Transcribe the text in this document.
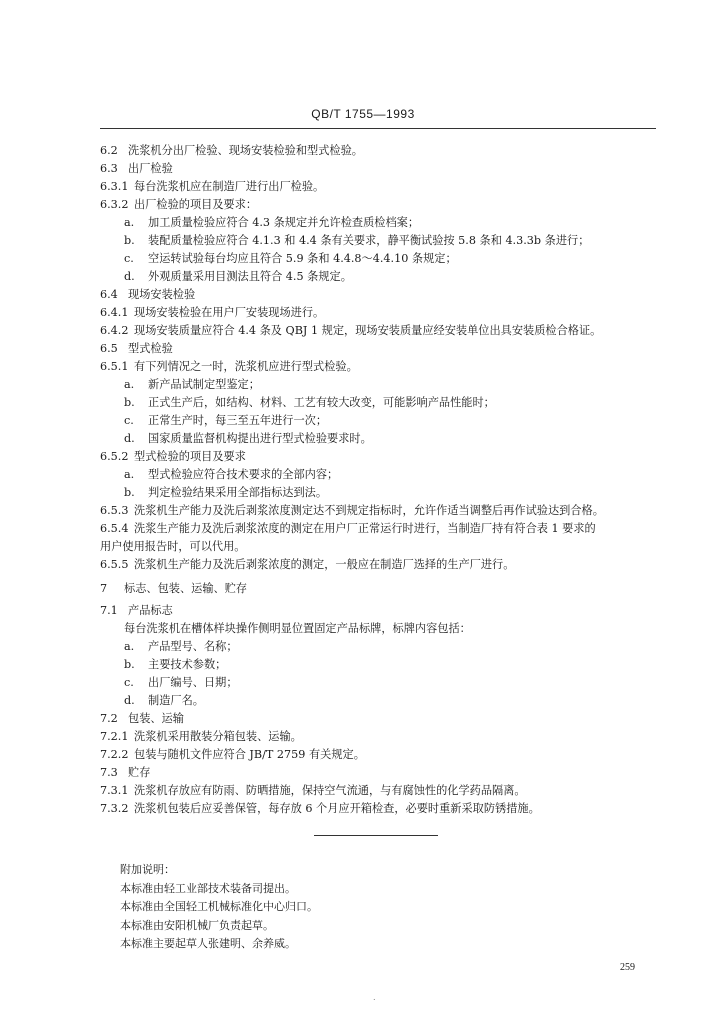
QB/T 1755—1993
6.2 洗浆机分出厂检验、现场安装检验和型式检验。
6.3 出厂检验
6.3.1 每台洗浆机应在制造厂进行出厂检验。
6.3.2 出厂检验的项目及要求：
a. 加工质量检验应符合 4.3 条规定并允许检查质检档案；
b. 装配质量检验应符合 4.1.3 和 4.4 条有关要求，静平衡试验按 5.8 条和 4.3.3b 条进行；
c. 空运转试验每台均应且符合 5.9 条和 4.4.8～4.4.10 条规定；
d. 外观质量采用目测法且符合 4.5 条规定。
6.4 现场安装检验
6.4.1 现场安装检验在用户厂安装现场进行。
6.4.2 现场安装质量应符合 4.4 条及 QBJ 1 规定，现场安装质量应经安装单位出具安装质检合格证。
6.5 型式检验
6.5.1 有下列情况之一时，洗浆机应进行型式检验。
a. 新产品试制定型鉴定；
b. 正式生产后，如结构、材料、工艺有较大改变，可能影响产品性能时；
c. 正常生产时，每三至五年进行一次；
d. 国家质量监督机构提出进行型式检验要求时。
6.5.2 型式检验的项目及要求
a. 型式检验应符合技术要求的全部内容；
b. 判定检验结果采用全部指标达到法。
6.5.3 洗浆机生产能力及洗后剥浆浓度测定达不到规定指标时，允许作适当调整后再作试验达到合格。
6.5.4 洗浆生产能力及洗后剥浆浓度的测定在用户厂正常运行时进行，当制造厂持有符合表 1 要求的
用户使用报告时，可以代用。
6.5.5 洗浆机生产能力及洗后剥浆浓度的测定，一般应在制造厂选择的生产厂进行。
7 标志、包装、运输、贮存
7.1 产品标志
每台洗浆机在槽体样块操作侧明显位置固定产品标牌，标牌内容包括：
a. 产品型号、名称；
b. 主要技术参数；
c. 出厂编号、日期；
d. 制造厂名。
7.2 包装、运输
7.2.1 洗浆机采用散装分箱包装、运输。
7.2.2 包装与随机文件应符合 JB/T 2759 有关规定。
7.3 贮存
7.3.1 洗浆机存放应有防雨、防晒措施，保持空气流通，与有腐蚀性的化学药品隔离。
7.3.2 洗浆机包装后应妥善保管，每存放 6 个月应开箱检查，必要时重新采取防锈措施。
附加说明：
本标准由轻工业部技术装备司提出。
本标准由全国轻工机械标准化中心归口。
本标准由安阳机械厂负责起草。
本标准主要起草人张建明、余养威。
259
.
